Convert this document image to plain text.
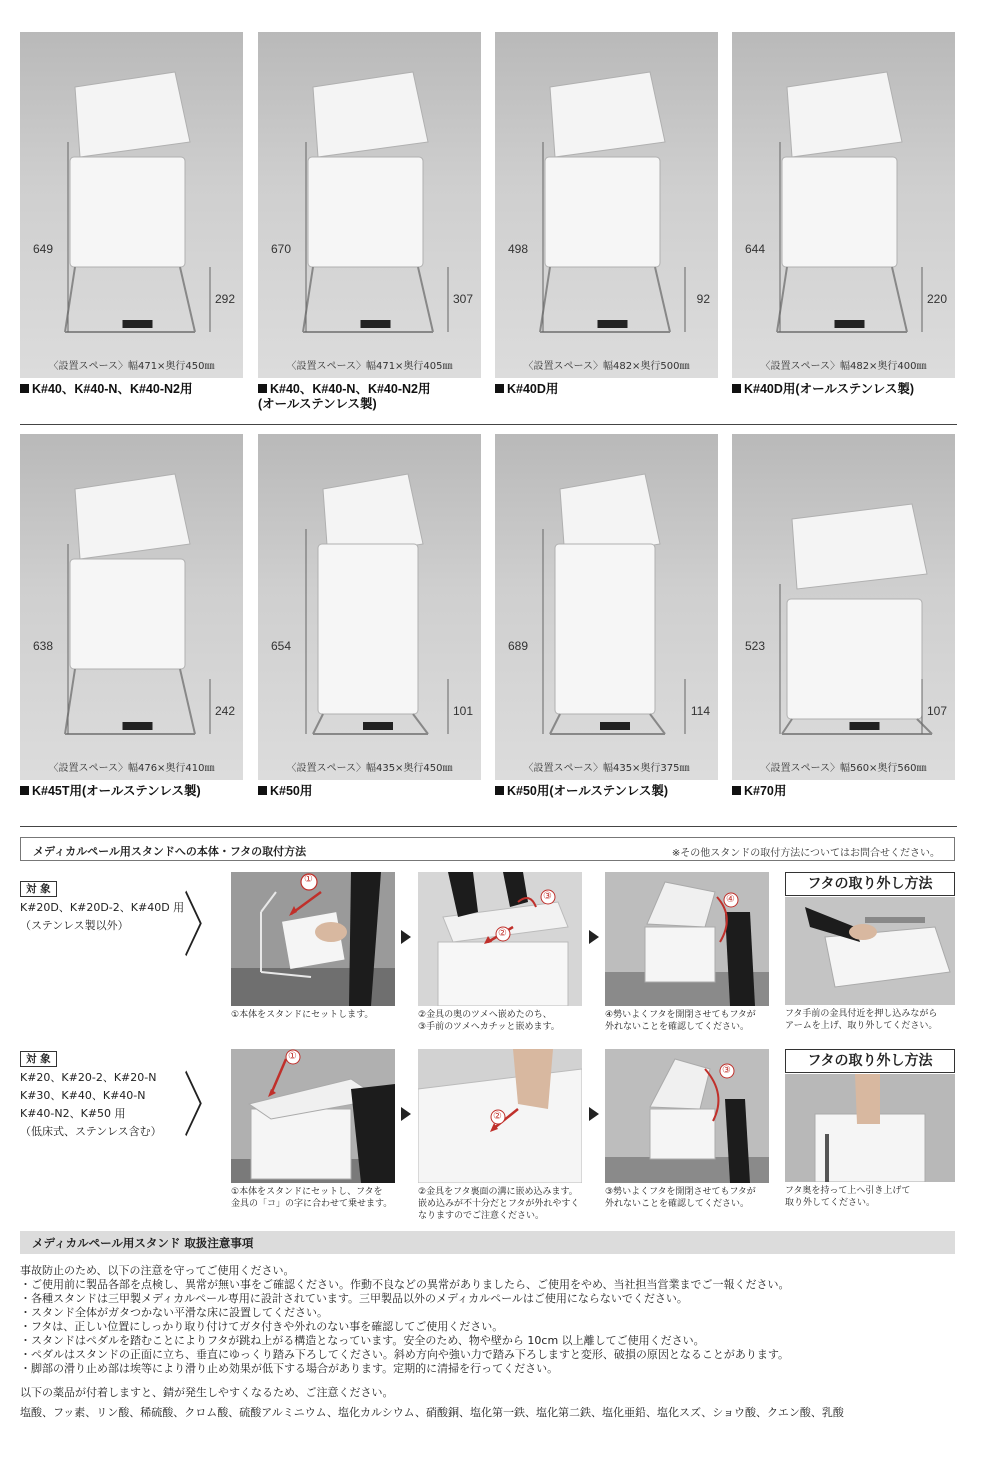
649
292
〈設置スペース〉幅471×奥行450㎜
K#40、K#40-N、K#40-N2用
670
307
〈設置スペース〉幅471×奥行405㎜
K#40、K#40-N、K#40-N2用
(オールステンレス製)
498
92
〈設置スペース〉幅482×奥行500㎜
K#40D用
644
220
〈設置スペース〉幅482×奥行400㎜
K#40D用(オールステンレス製)
638
242
〈設置スペース〉幅476×奥行410㎜
K#45T用(オールステンレス製)
654
101
〈設置スペース〉幅435×奥行450㎜
K#50用
689
114
〈設置スペース〉幅435×奥行375㎜
K#50用(オールステンレス製)
523
107
〈設置スペース〉幅560×奥行560㎜
K#70用
メディカルペール用スタンドへの本体・フタの取付方法	※その他スタンドの取付方法についてはお問合せください。
対 象
K#20D、K#20D-2、K#40D 用
（ステンレス製以外） 〉
①
①本体をスタンドにセットします。
②
③
②金具の奥のツメへ嵌めたのち、
③手前のツメへカチッと嵌めます。
④
④勢いよくフタを開閉させてもフタが
外れないことを確認してください。
フタの取り外し方法
フタ手前の金具付近を押し込みながら
アームを上げ、取り外してください。
対 象
K#20、K#20-2、K#20-N
K#30、K#40、K#40-N
K#40-N2、K#50 用
（低床式、ステンレス含む） 〉
①
①本体をスタンドにセットし、フタを
金具の「コ」の字に合わせて乗せます。
②
②金具をフタ裏面の溝に嵌め込みます。
嵌め込みが不十分だとフタが外れやすく
なりますのでご注意ください。
③
③勢いよくフタを開閉させてもフタが
外れないことを確認してください。
フタの取り外し方法
フタ奥を持って上へ引き上げて
取り外してください。
メディカルペール用スタンド 取扱注意事項
事故防止のため、以下の注意を守ってご使用ください。
・ご使用前に製品各部を点検し、異常が無い事をご確認ください。作動不良などの異常がありましたら、ご使用をやめ、当社担当営業までご一報ください。
・各種スタンドは三甲製メディカルペール専用に設計されています。三甲製品以外のメディカルペールはご使用にならないでください。
・スタンド全体がガタつかない平滑な床に設置してください。
・フタは、正しい位置にしっかり取り付けてガタ付きや外れのない事を確認してご使用ください。
・スタンドはペダルを踏むことによりフタが跳ね上がる構造となっています。安全のため、物や壁から 10cm 以上離してご使用ください。
・ペダルはスタンドの正面に立ち、垂直にゆっくり踏み下ろしてください。斜め方向や強い力で踏み下ろしますと変形、破損の原因となることがあります。
・脚部の滑り止め部は埃等により滑り止め効果が低下する場合があります。定期的に清掃を行ってください。
以下の薬品が付着しますと、錆が発生しやすくなるため、ご注意ください。
塩酸、フッ素、リン酸、稀硫酸、クロム酸、硫酸アルミニウム、塩化カルシウム、硝酸銅、塩化第一鉄、塩化第二鉄、塩化亜鉛、塩化スズ、ショウ酸、クエン酸、乳酸
